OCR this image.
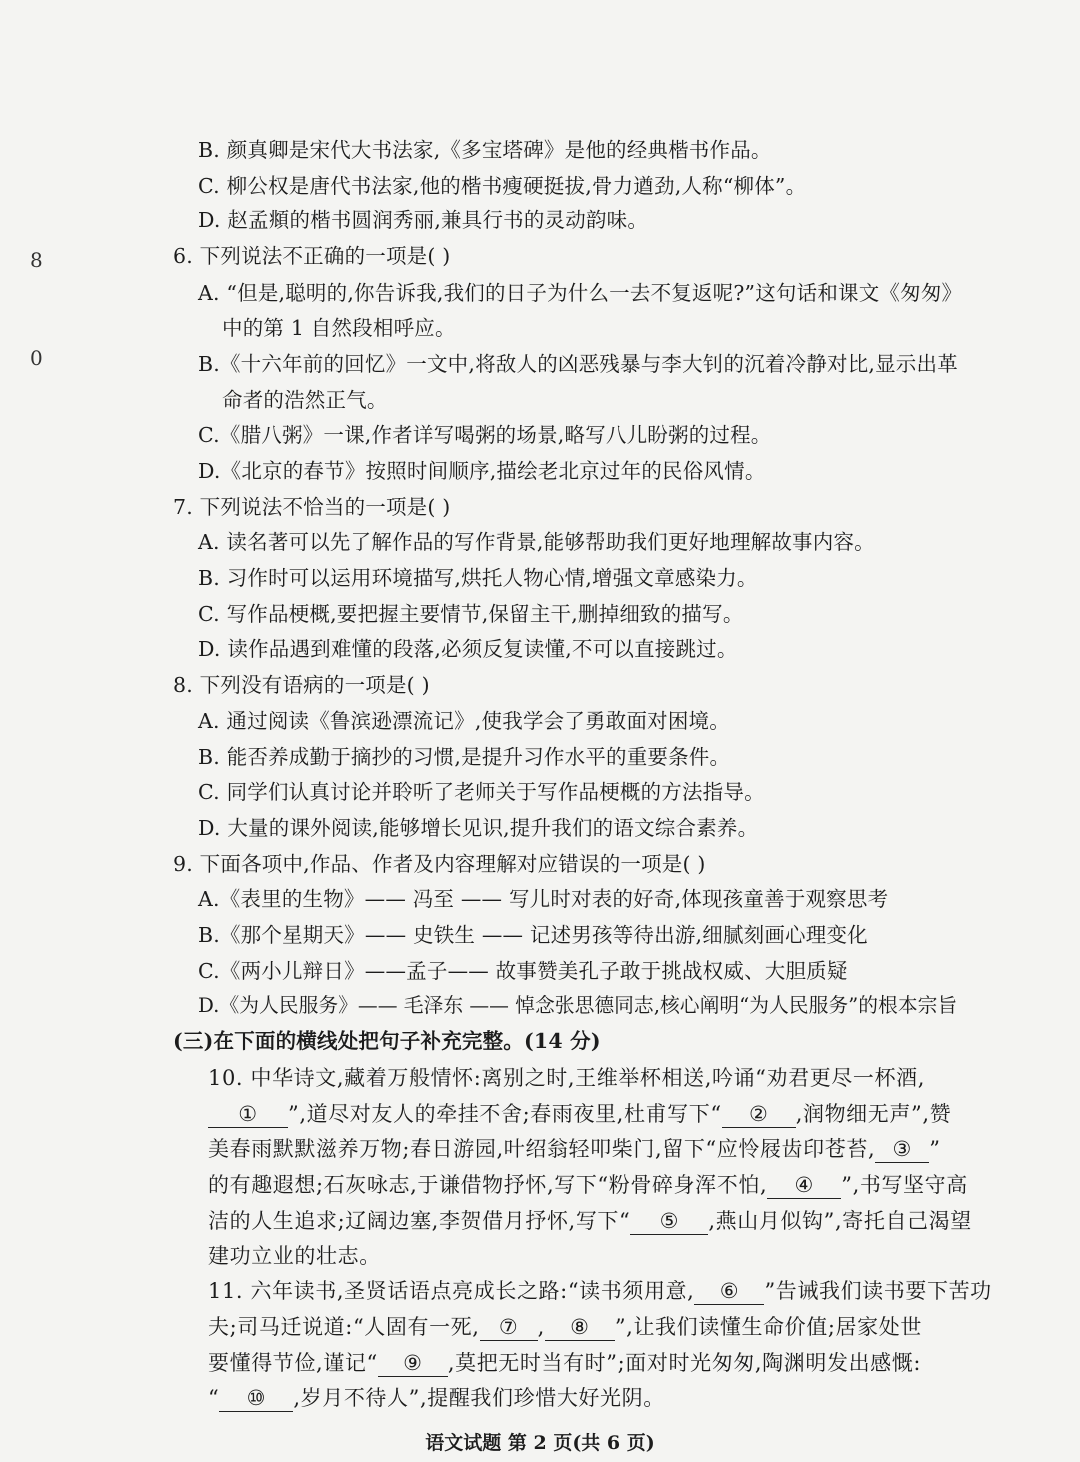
8
0
B. 颜真卿是宋代大书法家,《多宝塔碑》是他的经典楷书作品。
C. 柳公权是唐代书法家,他的楷书瘦硬挺拔,骨力遒劲,人称“柳体”。
D. 赵孟頫的楷书圆润秀丽,兼具行书的灵动韵味。
6. 下列说法不正确的一项是( )
A. “但是,聪明的,你告诉我,我们的日子为什么一去不复返呢?”这句话和课文《匆匆》
中的第 1 自然段相呼应。
B.《十六年前的回忆》一文中,将敌人的凶恶残暴与李大钊的沉着冷静对比,显示出革
命者的浩然正气。
C.《腊八粥》一课,作者详写喝粥的场景,略写八儿盼粥的过程。
D.《北京的春节》按照时间顺序,描绘老北京过年的民俗风情。
7. 下列说法不恰当的一项是( )
A. 读名著可以先了解作品的写作背景,能够帮助我们更好地理解故事内容。
B. 习作时可以运用环境描写,烘托人物心情,增强文章感染力。
C. 写作品梗概,要把握主要情节,保留主干,删掉细致的描写。
D. 读作品遇到难懂的段落,必须反复读懂,不可以直接跳过。
8. 下列没有语病的一项是( )
A. 通过阅读《鲁滨逊漂流记》,使我学会了勇敢面对困境。
B. 能否养成勤于摘抄的习惯,是提升习作水平的重要条件。
C. 同学们认真讨论并聆听了老师关于写作品梗概的方法指导。
D. 大量的课外阅读,能够增长见识,提升我们的语文综合素养。
9. 下面各项中,作品、作者及内容理解对应错误的一项是( )
A.《表里的生物》—— 冯至 —— 写儿时对表的好奇,体现孩童善于观察思考
B.《那个星期天》—— 史铁生 —— 记述男孩等待出游,细腻刻画心理变化
C.《两小儿辩日》——孟子—— 故事赞美孔子敢于挑战权威、大胆质疑
D.《为人民服务》—— 毛泽东 —— 悼念张思德同志,核心阐明“为人民服务”的根本宗旨
(三)在下面的横线处把句子补充完整。(14 分)
10. 中华诗文,藏着万般情怀:离别之时,王维举杯相送,吟诵“劝君更尽一杯酒,
① ”,道尽对友人的牵挂不舍;春雨夜里,杜甫写下“ ② ,润物细无声”,赞
美春雨默默滋养万物;春日游园,叶绍翁轻叩柴门,留下“应怜屐齿印苍苔, ③ ”
的有趣遐想;石灰咏志,于谦借物抒怀,写下“粉骨碎身浑不怕, ④ ”,书写坚守高
洁的人生追求;辽阔边塞,李贺借月抒怀,写下“ ⑤ ,燕山月似钩”,寄托自己渴望
建功立业的壮志。
11. 六年读书,圣贤话语点亮成长之路:“读书须用意, ⑥ ”告诫我们读书要下苦功
夫;司马迁说道:“人固有一死, ⑦ , ⑧ ”,让我们读懂生命价值;居家处世
要懂得节俭,谨记“ ⑨ ,莫把无时当有时”;面对时光匆匆,陶渊明发出感慨:
“ ⑩ ,岁月不待人”,提醒我们珍惜大好光阴。
语文试题 第 2 页(共 6 页)
